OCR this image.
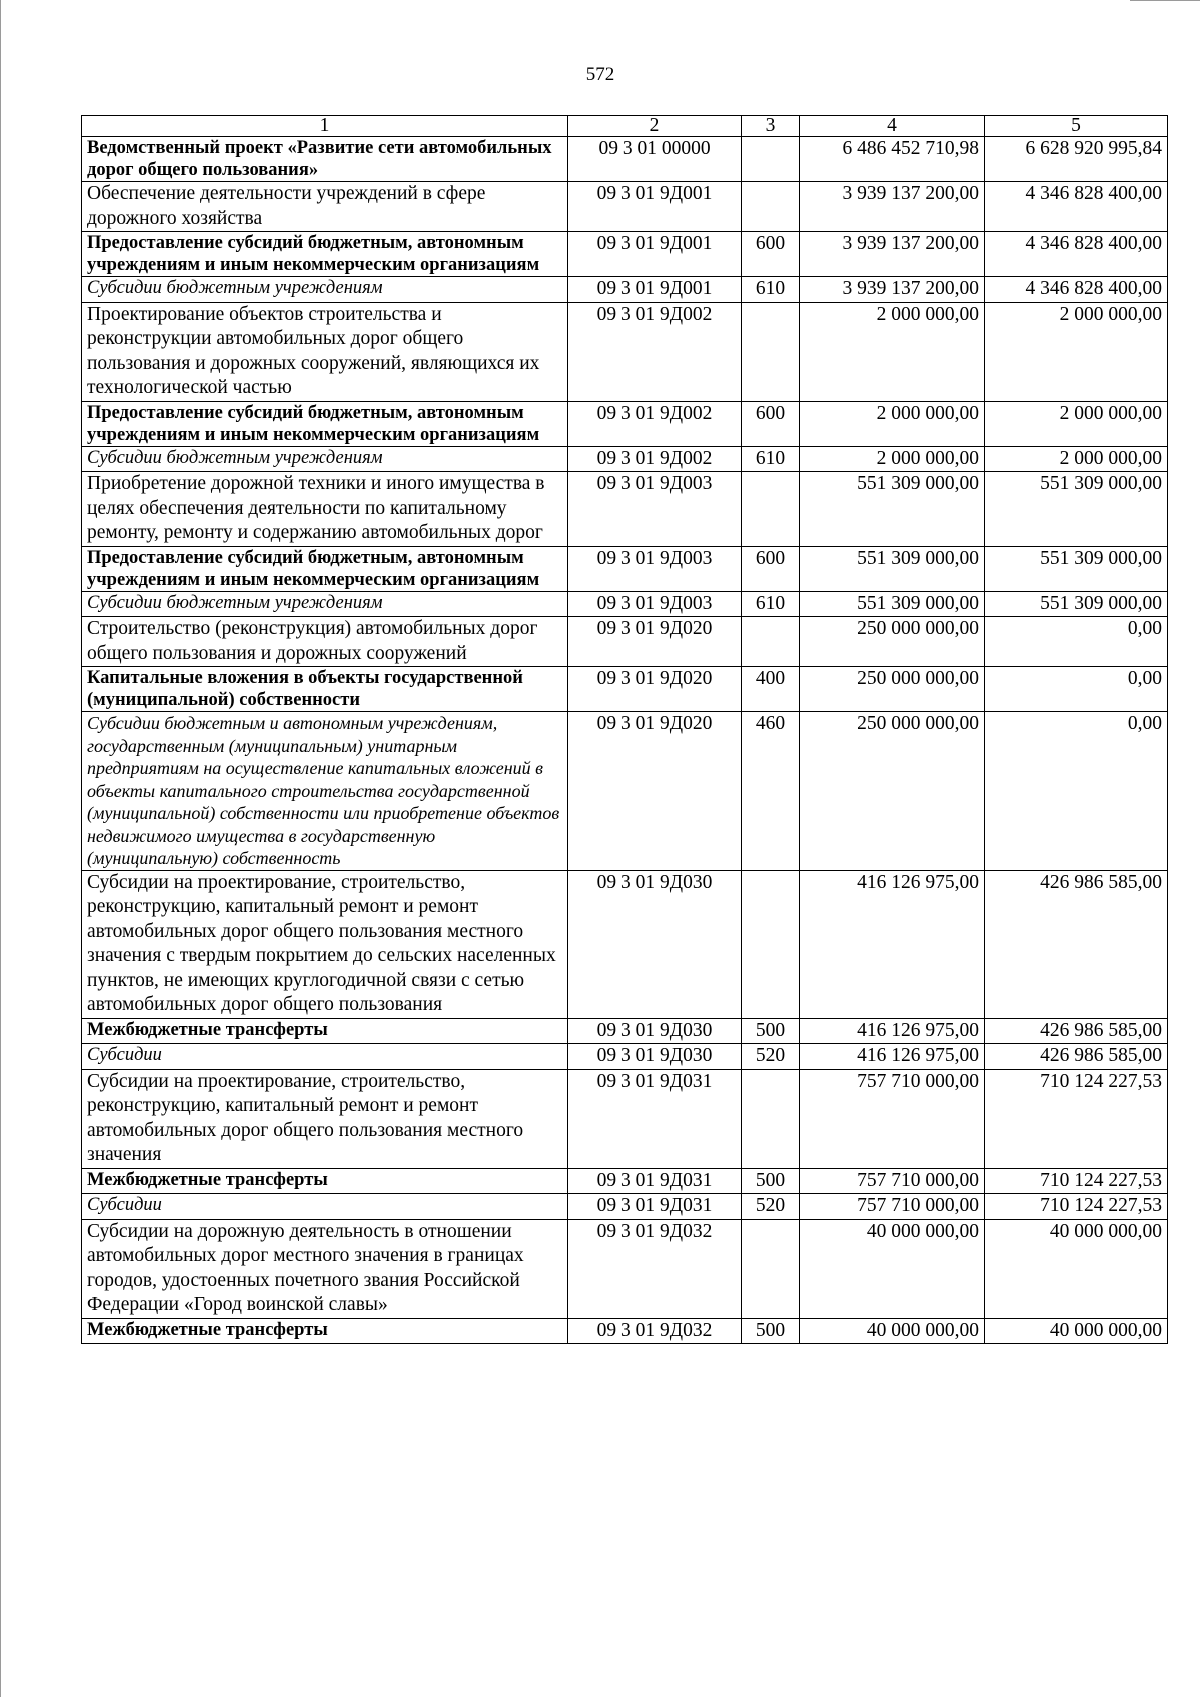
572
1	2	3	4	5
Ведомственный проект «Развитие сети автомобильных дорог общего пользования»	09 3 01 00000		6 486 452 710,98	6 628 920 995,84
Обеспечение деятельности учреждений в сфере дорожного хозяйства	09 3 01 9Д001		3 939 137 200,00	4 346 828 400,00
Предоставление субсидий бюджетным, автономным учреждениям и иным некоммерческим организациям	09 3 01 9Д001	600	3 939 137 200,00	4 346 828 400,00
Субсидии бюджетным учреждениям	09 3 01 9Д001	610	3 939 137 200,00	4 346 828 400,00
Проектирование объектов строительства и реконструкции автомобильных дорог общего пользования и дорожных сооружений, являющихся их технологической частью	09 3 01 9Д002		2 000 000,00	2 000 000,00
Предоставление субсидий бюджетным, автономным учреждениям и иным некоммерческим организациям	09 3 01 9Д002	600	2 000 000,00	2 000 000,00
Субсидии бюджетным учреждениям	09 3 01 9Д002	610	2 000 000,00	2 000 000,00
Приобретение дорожной техники и иного имущества в целях обеспечения деятельности по капитальному ремонту, ремонту и содержанию автомобильных дорог	09 3 01 9Д003		551 309 000,00	551 309 000,00
Предоставление субсидий бюджетным, автономным учреждениям и иным некоммерческим организациям	09 3 01 9Д003	600	551 309 000,00	551 309 000,00
Субсидии бюджетным учреждениям	09 3 01 9Д003	610	551 309 000,00	551 309 000,00
Строительство (реконструкция) автомобильных дорог общего пользования и дорожных сооружений	09 3 01 9Д020		250 000 000,00	0,00
Капитальные вложения в объекты государственной (муниципальной) собственности	09 3 01 9Д020	400	250 000 000,00	0,00
Субсидии бюджетным и автономным учреждениям, государственным (муниципальным) унитарным предприятиям на осуществление капитальных вложений в объекты капитального строительства государственной (муниципальной) собственности или приобретение объектов недвижимого имущества в государственную (муниципальную) собственность	09 3 01 9Д020	460	250 000 000,00	0,00
Субсидии на проектирование, строительство, реконструкцию, капитальный ремонт и ремонт автомобильных дорог общего пользования местного значения с твердым покрытием до сельских населенных пунктов, не имеющих круглогодичной связи с сетью автомобильных дорог общего пользования	09 3 01 9Д030		416 126 975,00	426 986 585,00
Межбюджетные трансферты	09 3 01 9Д030	500	416 126 975,00	426 986 585,00
Субсидии	09 3 01 9Д030	520	416 126 975,00	426 986 585,00
Субсидии на проектирование, строительство, реконструкцию, капитальный ремонт и ремонт автомобильных дорог общего пользования местного значения	09 3 01 9Д031		757 710 000,00	710 124 227,53
Межбюджетные трансферты	09 3 01 9Д031	500	757 710 000,00	710 124 227,53
Субсидии	09 3 01 9Д031	520	757 710 000,00	710 124 227,53
Субсидии на дорожную деятельность в отношении автомобильных дорог местного значения в границах городов, удостоенных почетного звания Российской Федерации «Город воинской славы»	09 3 01 9Д032		40 000 000,00	40 000 000,00
Межбюджетные трансферты	09 3 01 9Д032	500	40 000 000,00	40 000 000,00
